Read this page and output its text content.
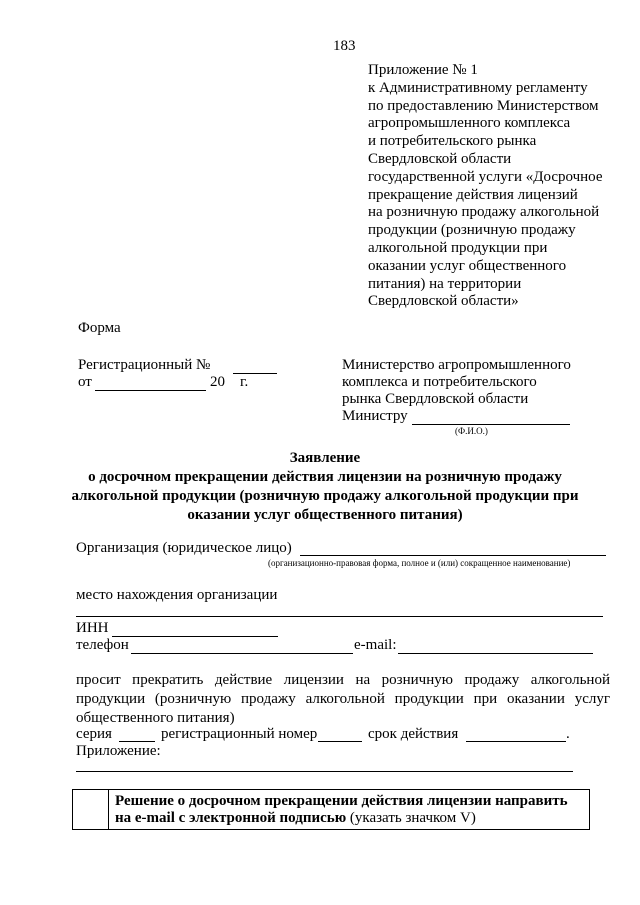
183
Приложение № 1
к Административному регламенту
по предоставлению Министерством
агропромышленного комплекса
и потребительского рынка
Свердловской области
государственной услуги «Досрочное
прекращение действия лицензий
на розничную продажу алкогольной
продукции (розничную продажу
алкогольной продукции при
оказании услуг общественного
питания) на территории
Свердловской области»
Форма
Регистрационный №
от	20 г.
Министерство агропромышленного
комплекса и потребительского
рынка Свердловской области
Министру
(Ф.И.О.)
Заявление
о досрочном прекращении действия лицензии на розничную продажу
алкогольной продукции (розничную продажу алкогольной продукции при
оказании услуг общественного питания)
Организация (юридическое лицо)
(организационно-правовая форма, полное и (или) сокращенное наименование)
место нахождения организации
ИНН
телефон	e-mail:
просит прекратить действие лицензии на розничную продажу алкогольной
продукции (розничную продажу алкогольной продукции при оказании услуг
общественного питания)
серия	регистрационный номер	срок действия	.
Приложение:

Решение о досрочном прекращении действия лицензии направить
на e-mail с электронной подписью (указать значком V)
